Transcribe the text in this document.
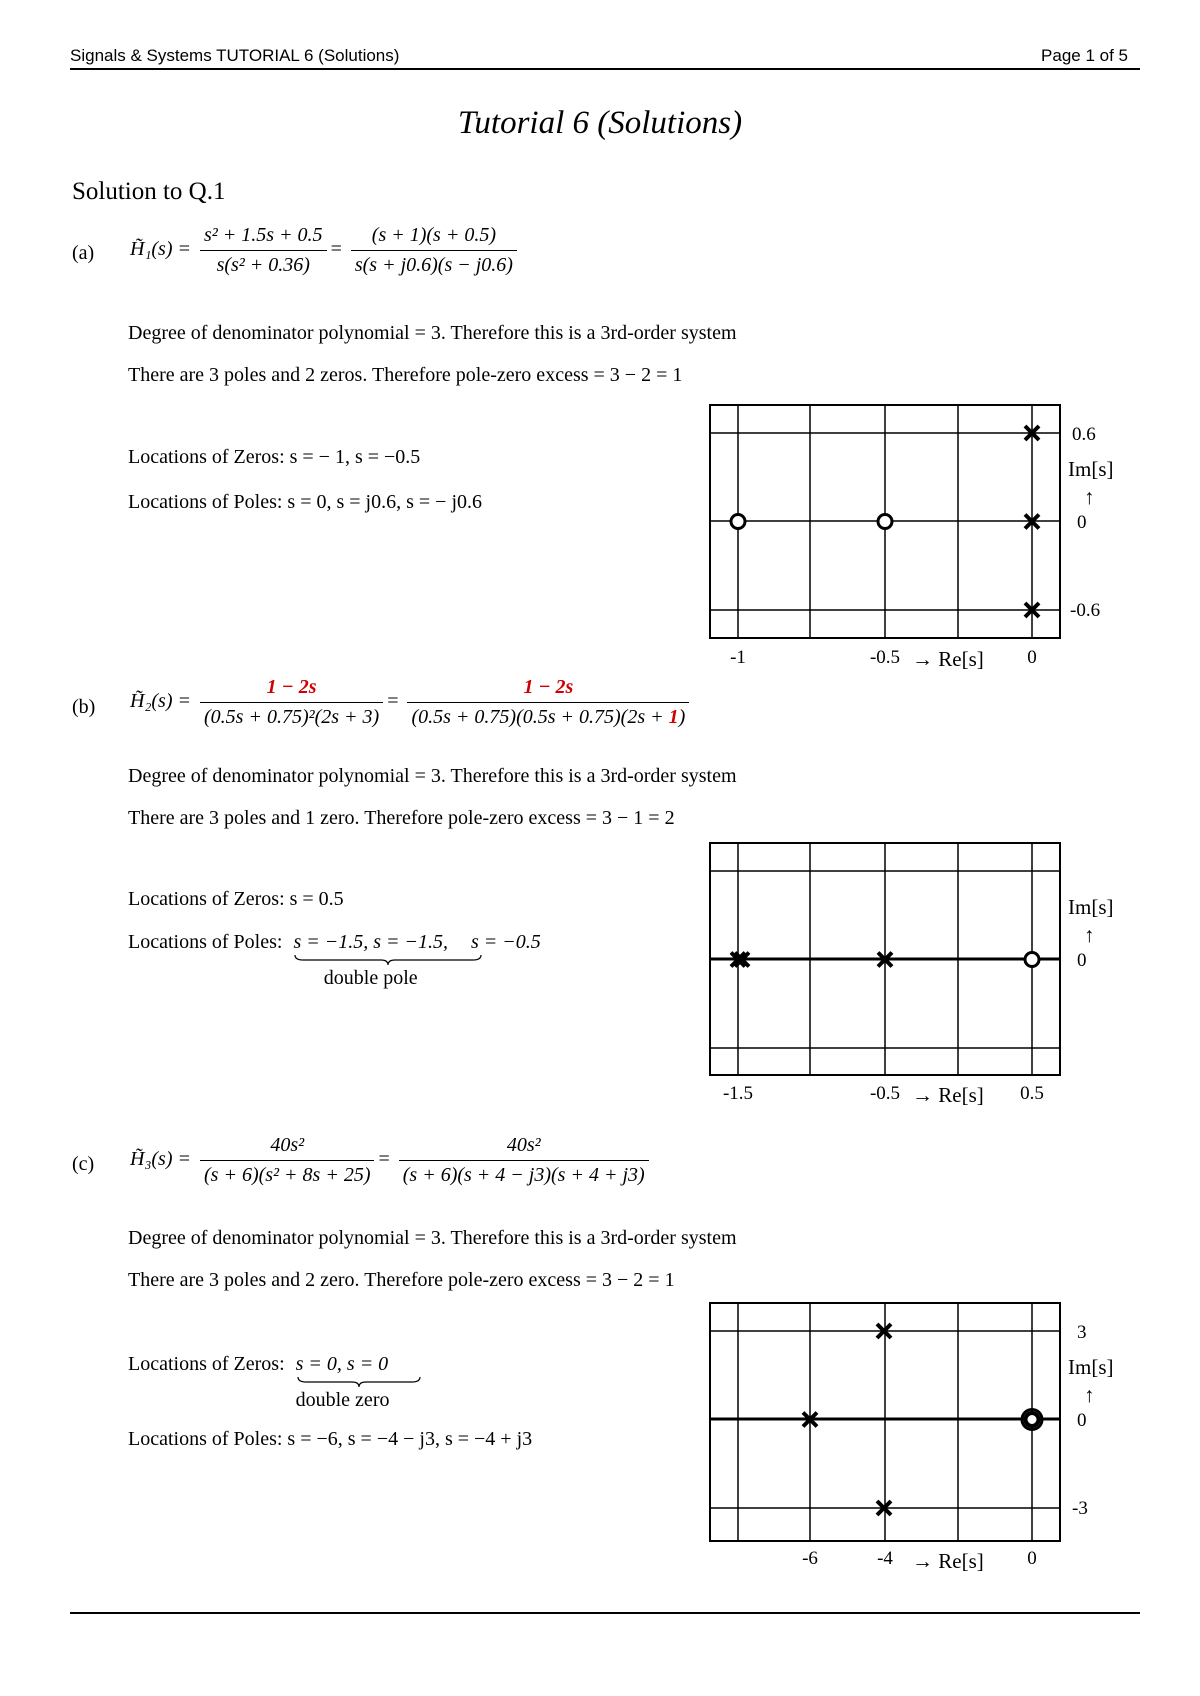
Signals & Systems TUTORIAL 6 (Solutions)	Page 1 of 5
Tutorial 6 (Solutions)
Solution to Q.1
(a) H̃₁(s) = $\frac{\text{s² + 1.5s + 0.5}}{\text{s(s² + 0.36)}} = \frac{(s + 1)(s + 0.5)}{s(s + j0.6)(s - j0.6)}$
Degree of denominator polynomial = 3. Therefore this is a 3rd-order system
There are 3 poles and 2 zeros. Therefore pole-zero excess = 3 − 2 = 1
Locations of Zeros: s = − 1, s = −0.5
Locations of Poles: s = 0, s = j0.6, s = − j0.6
-1	-0.5	0
→ Re[s]
0.6
Im[s]
↑
0
-0.6
(b) H̃₂(s) = $\frac{1 - 2s}{\text{(0.5s + 0.75)²(2s + 3)}} = \frac{1 - 2s}{(0.5s + 0.75)(0.5s + 0.75)(2s + 1)}$
Degree of denominator polynomial = 3. Therefore this is a 3rd-order system
There are 3 poles and 1 zero. Therefore pole-zero excess = 3 − 1 = 2
Locations of Zeros: s = 0.5
Locations of Poles: s = −1.5, s = −1.5,
double pole
s = −0.5
-1.5	-0.5	0.5
→ Re[s]
Im[s]
↑
0
(c) H̃₃(s) = $\frac{\text{40s²}}{\text{(s + 6)(s² + 8s + 25)}} = \frac{\text{40s²}}{(s + 6)(s + 4 - j3)(s + 4 + j3)}$
Degree of denominator polynomial = 3. Therefore this is a 3rd-order system
There are 3 poles and 2 zero. Therefore pole-zero excess = 3 − 2 = 1
Locations of Zeros: s = 0, s = 0
double zero
Locations of Poles: s = −6, s = −4 − j3, s = −4 + j3
-6	-4	0
→ Re[s]
3
Im[s]
↑
0
-3
